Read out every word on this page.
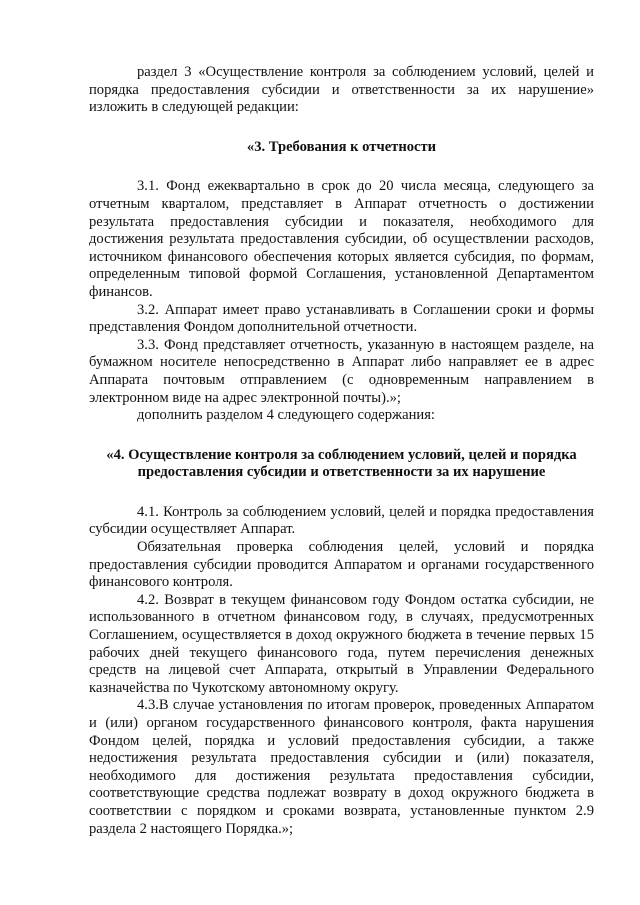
раздел 3 «Осуществление контроля за соблюдением условий, целей и порядка предоставления субсидии и ответственности за их нарушение» изложить в следующей редакции:

«3. Требования к отчетности

3.1. Фонд ежеквартально в срок до 20 числа месяца, следующего за отчетным кварталом, представляет в Аппарат отчетность о достижении результата предоставления субсидии и показателя, необходимого для достижения результата предоставления субсидии, об осуществлении расходов, источником финансового обеспечения которых является субсидия, по формам, определенным типовой формой Соглашения, установленной Департаментом финансов.

3.2. Аппарат имеет право устанавливать в Соглашении сроки и формы представления Фондом дополнительной отчетности.

3.3. Фонд представляет отчетность, указанную в настоящем разделе, на бумажном носителе непосредственно в Аппарат либо направляет ее в адрес Аппарата почтовым отправлением (с одновременным направлением в электронном виде на адрес электронной почты).»;

дополнить разделом 4 следующего содержания:

«4. Осуществление контроля за соблюдением условий, целей и порядка предоставления субсидии и ответственности за их нарушение

4.1. Контроль за соблюдением условий, целей и порядка предоставления субсидии осуществляет Аппарат.

Обязательная проверка соблюдения целей, условий и порядка предоставления субсидии проводится Аппаратом и органами государственного финансового контроля.

4.2. Возврат в текущем финансовом году Фондом остатка субсидии, не использованного в отчетном финансовом году, в случаях, предусмотренных Соглашением, осуществляется в доход окружного бюджета в течение первых 15 рабочих дней текущего финансового года, путем перечисления денежных средств на лицевой счет Аппарата, открытый в Управлении Федерального казначейства по Чукотскому автономному округу.

4.3.В случае установления по итогам проверок, проведенных Аппаратом и (или) органом государственного финансового контроля, факта нарушения Фондом целей, порядка и условий предоставления субсидии, а также недостижения результата предоставления субсидии и (или) показателя, необходимого для достижения результата предоставления субсидии, соответствующие средства подлежат возврату в доход окружного бюджета в соответствии с порядком и сроками возврата, установленные пунктом 2.9 раздела 2 настоящего Порядка.»;
